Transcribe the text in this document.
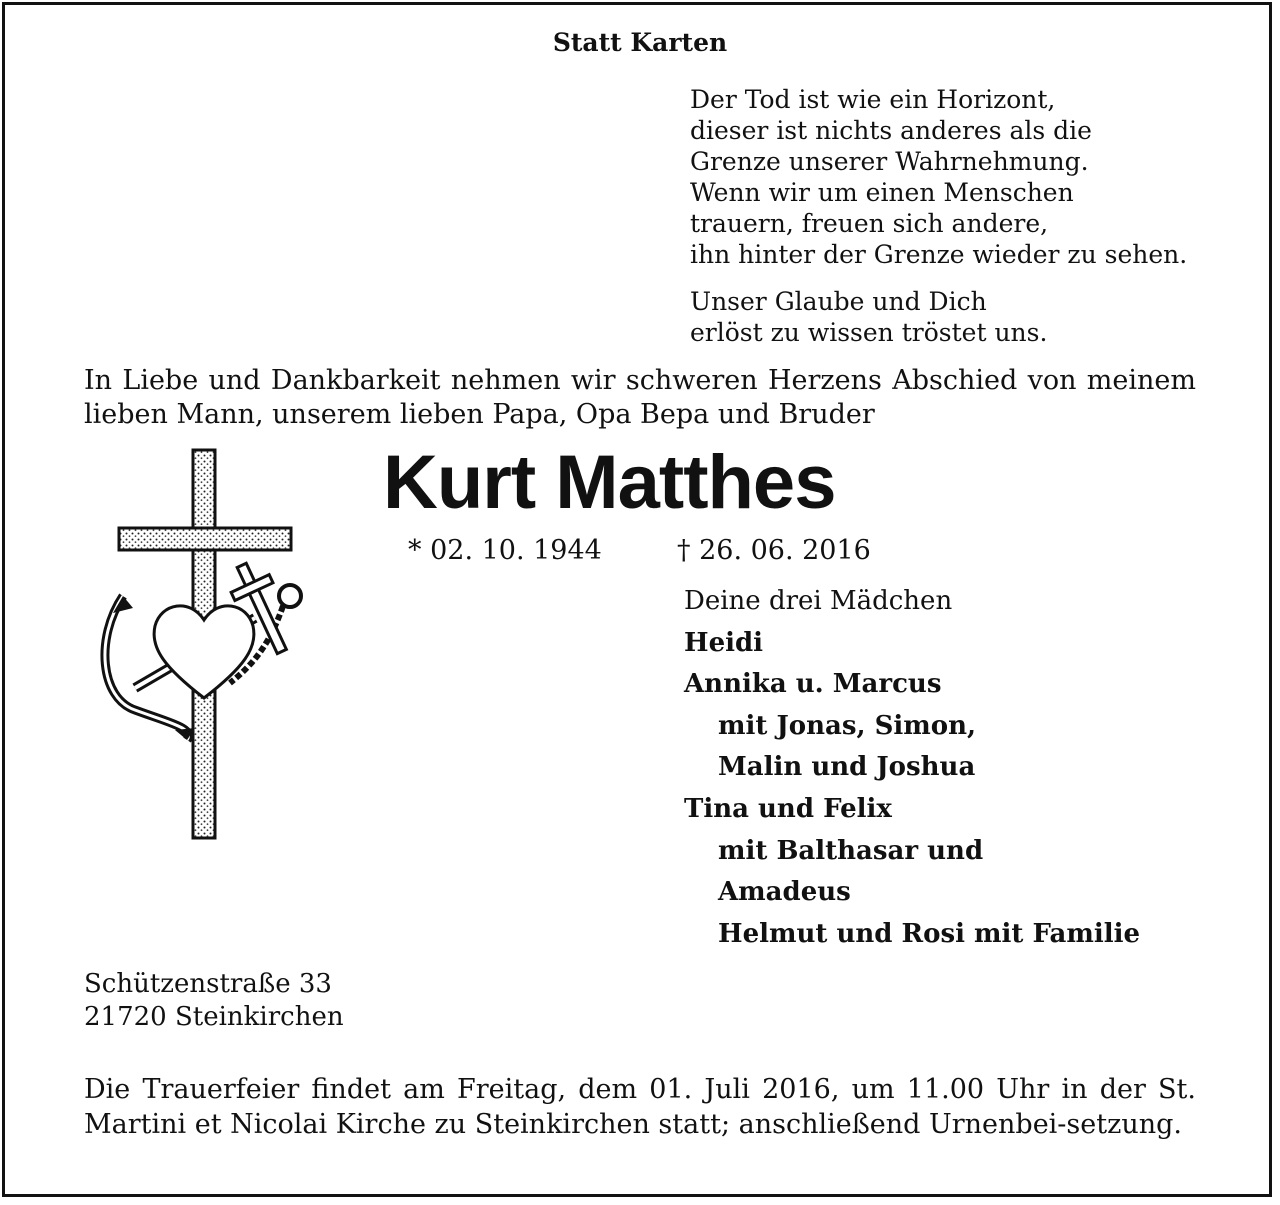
Statt Karten

Der Tod ist wie ein Horizont,

dieser ist nichts anderes als die

Grenze unserer Wahrnehmung.

Wenn wir um einen Menschen

trauern, freuen sich andere,

ihn hinter der Grenze wieder zu sehen.

Unser Glaube und Dich

erlöst zu wissen tröstet uns.

In Liebe und Dankbarkeit nehmen wir schweren Herzens Abschied von meinem lieben Mann, unserem lieben Papa, Opa Bepa und Bruder
Kurt Matthes
* 02. 10. 1944	† 26. 06. 2016
Deine drei Mädchen
Heidi
Annika u. Marcus
mit Jonas, Simon,
Malin und Joshua
Tina und Felix
mit Balthasar und
Amadeus
Helmut und Rosi mit Familie
Schützenstraße 33
21720 Steinkirchen
Die Trauerfeier findet am Freitag, dem 01. Juli 2016, um 11.00 Uhr in der St. Martini et Nicolai Kirche zu Steinkirchen statt; anschließend Urnenbei-setzung.
